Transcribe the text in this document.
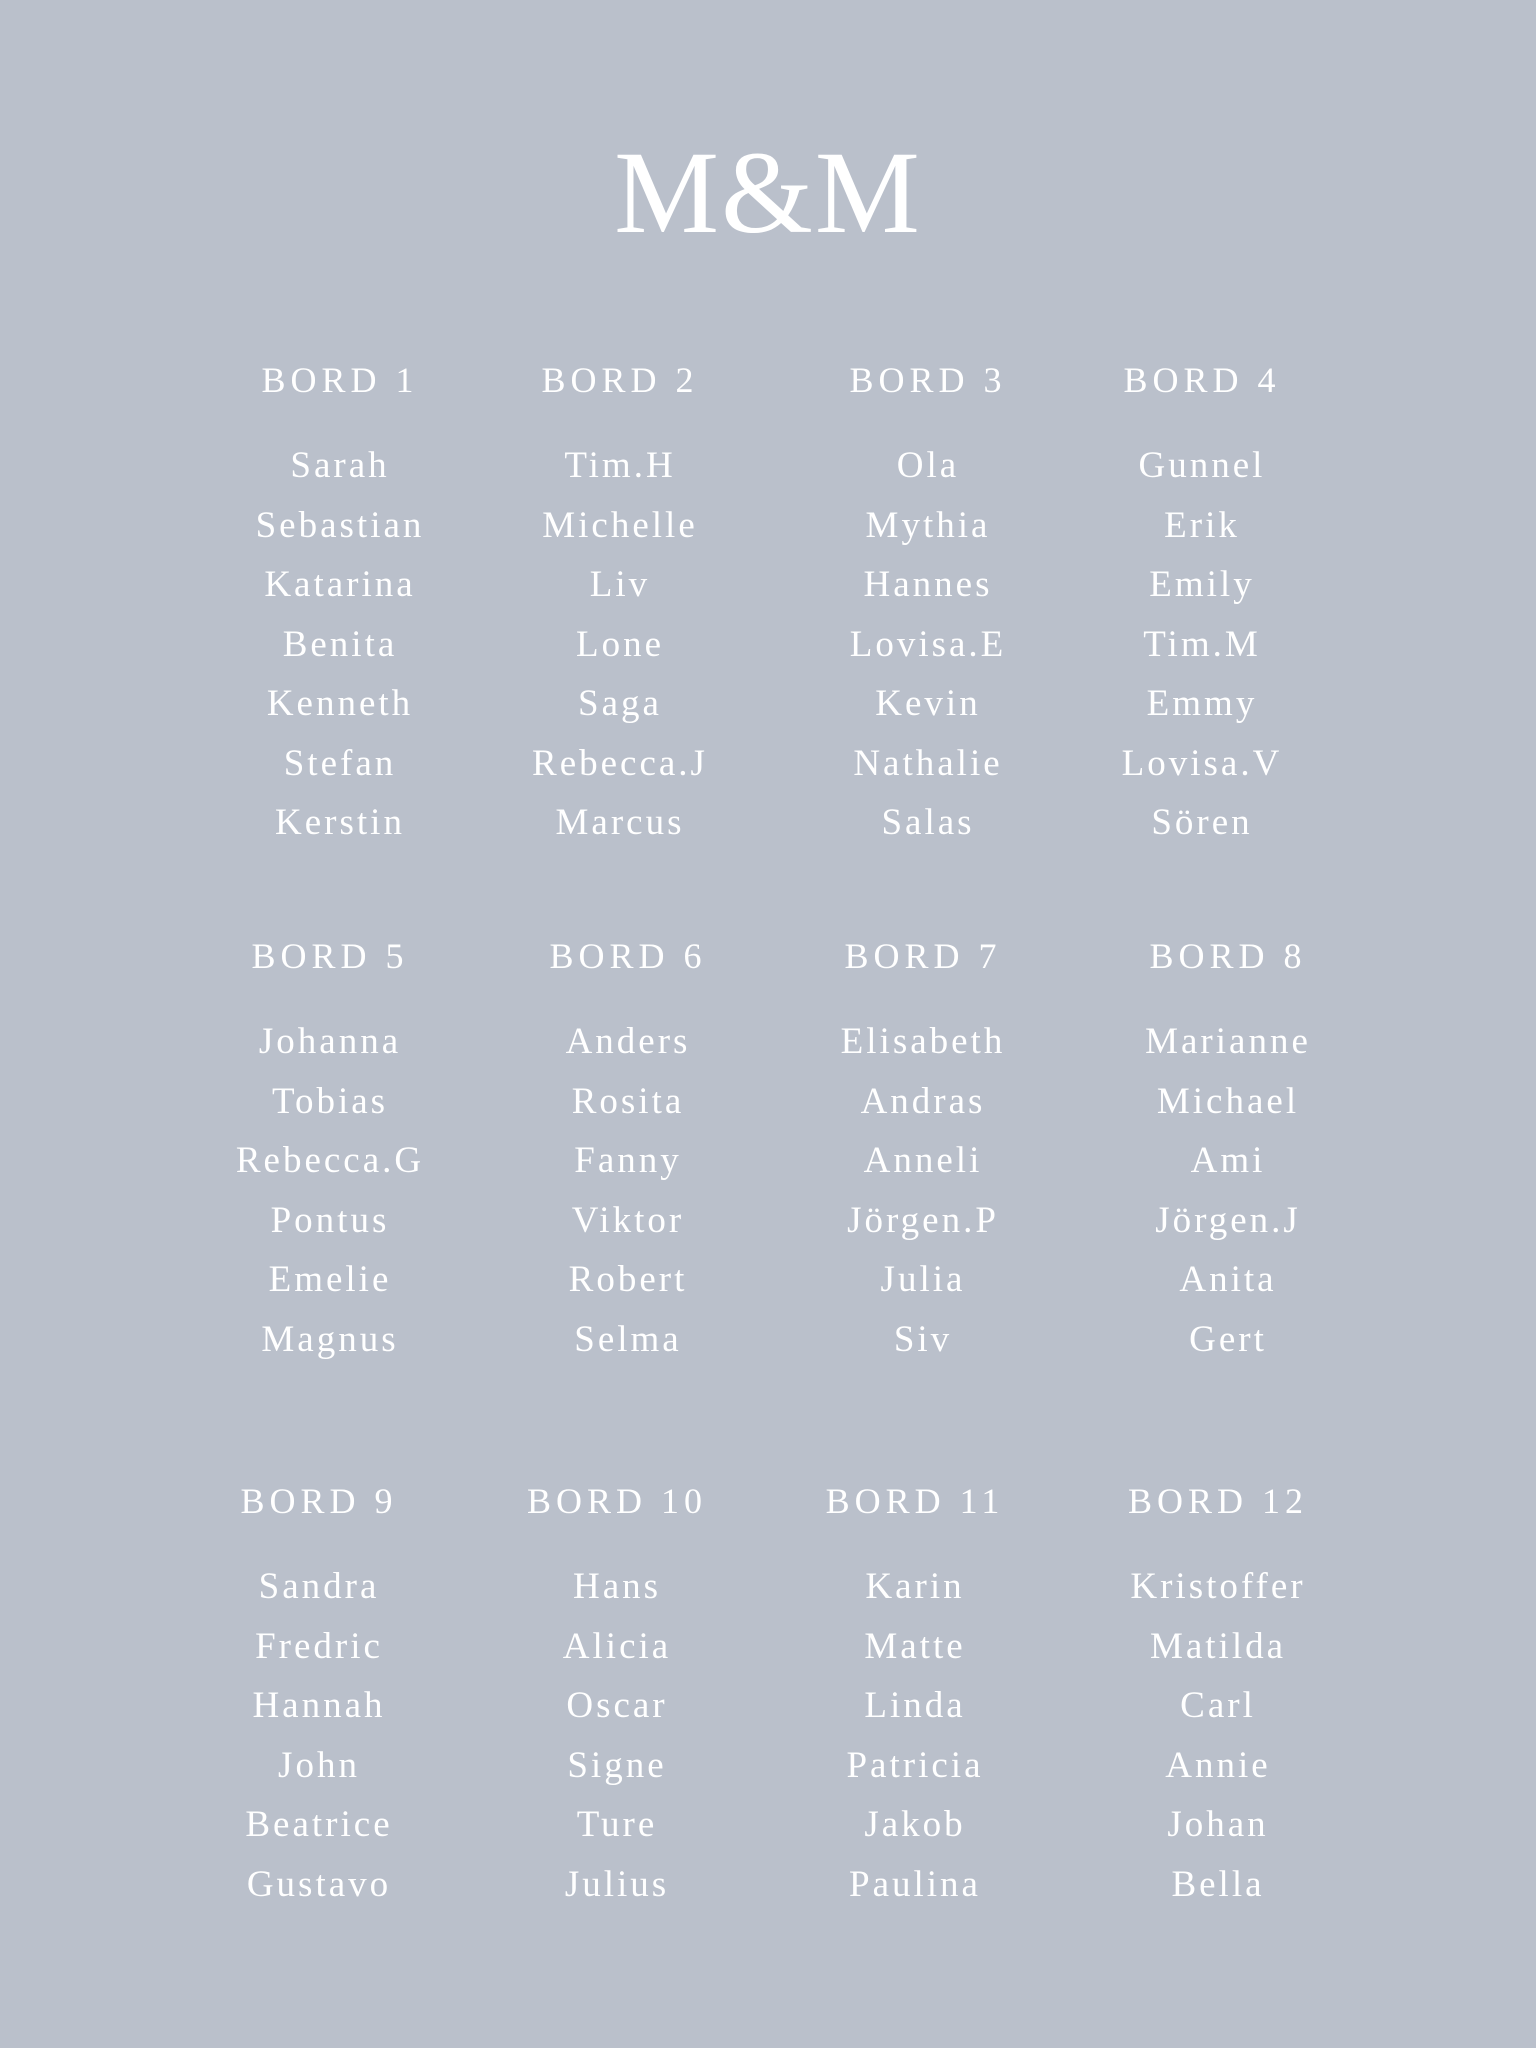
M&M
BORD 1
Sarah
Sebastian
Katarina
Benita
Kenneth
Stefan
Kerstin
BORD 2
Tim.H
Michelle
Liv
Lone
Saga
Rebecca.J
Marcus
BORD 3
Ola
Mythia
Hannes
Lovisa.E
Kevin
Nathalie
Salas
BORD 4
Gunnel
Erik
Emily
Tim.M
Emmy
Lovisa.V
Sören
BORD 5
Johanna
Tobias
Rebecca.G
Pontus
Emelie
Magnus
BORD 6
Anders
Rosita
Fanny
Viktor
Robert
Selma
BORD 7
Elisabeth
Andras
Anneli
Jörgen.P
Julia
Siv
BORD 8
Marianne
Michael
Ami
Jörgen.J
Anita
Gert
BORD 9
Sandra
Fredric
Hannah
John
Beatrice
Gustavo
BORD 10
Hans
Alicia
Oscar
Signe
Ture
Julius
BORD 11
Karin
Matte
Linda
Patricia
Jakob
Paulina
BORD 12
Kristoffer
Matilda
Carl
Annie
Johan
Bella
